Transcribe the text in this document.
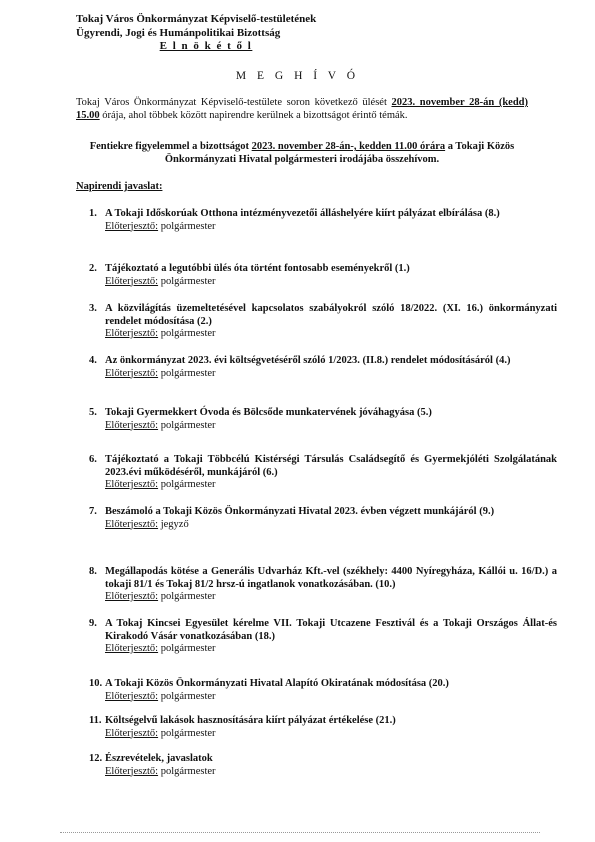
Tokaj Város Önkormányzat Képviselő-testületének
Ügyrendi, Jogi és Humánpolitikai Bizottság
E l n ö k é t ő l
M E G H Í V Ó
Tokaj Város Önkormányzat Képviselő-testülete soron következő ülését 2023. november 28-án (kedd) 15.00 órája, ahol többek között napirendre kerülnek a bizottságot érintő témák.
Fentiekre figyelemmel a bizottságot 2023. november 28-án-, kedden 11.00 órára a Tokaji Közös Önkormányzati Hivatal polgármesteri irodájába összehívom.
Napirendi javaslat:
1. A Tokaji Időskorúak Otthona intézményvezetői álláshelyére kiírt pályázat elbírálása (8.)
Előterjesztő: polgármester
2. Tájékoztató a legutóbbi ülés óta történt fontosabb eseményekről (1.)
Előterjesztő: polgármester
3. A közvilágítás üzemeltetésével kapcsolatos szabályokról szóló 18/2022. (XI. 16.) önkormányzati rendelet módosítása (2.)
Előterjesztő: polgármester
4. Az önkormányzat 2023. évi költségvetéséről szóló 1/2023. (II.8.) rendelet módosításáról (4.)
Előterjesztő: polgármester
5. Tokaji Gyermekkert Óvoda és Bölcsőde munkatervének jóváhagyása (5.)
Előterjesztő: polgármester
6. Tájékoztató a Tokaji Többcélú Kistérségi Társulás Családsegítő és Gyermekjóléti Szolgálatának 2023.évi működéséről, munkájáról (6.)
Előterjesztő: polgármester
7. Beszámoló a Tokaji Közös Önkormányzati Hivatal 2023. évben végzett munkájáról (9.)
Előterjesztő: jegyző
8. Megállapodás kötése a Generális Udvarház Kft.-vel (székhely: 4400 Nyíregyháza, Kállói u. 16/D.) a tokaji 81/1 és Tokaj 81/2 hrsz-ú ingatlanok vonatkozásában. (10.)
Előterjesztő: polgármester
9. A Tokaj Kincsei Egyesület kérelme VII. Tokaji Utcazene Fesztivál és a Tokaji Országos Állat-és Kirakodó Vásár vonatkozásában (18.)
Előterjesztő: polgármester
10. A Tokaji Közös Önkormányzati Hivatal Alapító Okiratának módosítása (20.)
Előterjesztő: polgármester
11. Költségelvű lakások hasznosítására kiírt pályázat értékelése (21.)
Előterjesztő: polgármester
12. Észrevételek, javaslatok
Előterjesztő: polgármester
